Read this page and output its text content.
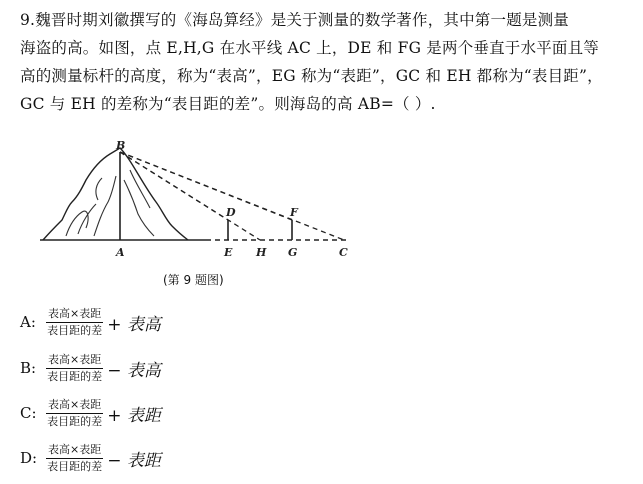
9.魏晋时期刘徽撰写的《海岛算经》是关于测量的数学著作，其中第一题是测量

海盗的高。如图，点 E,H,G 在水平线 AC 上，DE 和 FG 是两个垂直于水平面且等

高的测量标杆的高度，称为“表高”，EG 称为“表距”，GC 和 EH 都称为“表目距”，

GC 与 EH 的差称为“表目距的差”。则海岛的高 AB=（ ）.

B
A
D
E H
F
G	C
(第 9 题图)
A: $\frac{\text{表高×表距}}{\text{表目距的差}}$ + 表高
B: $\frac{\text{表高×表距}}{\text{表目距的差}}$ − 表高
C: $\frac{\text{表高×表距}}{\text{表目距的差}}$ + 表距
D: $\frac{\text{表高×表距}}{\text{表目距的差}}$ − 表距
